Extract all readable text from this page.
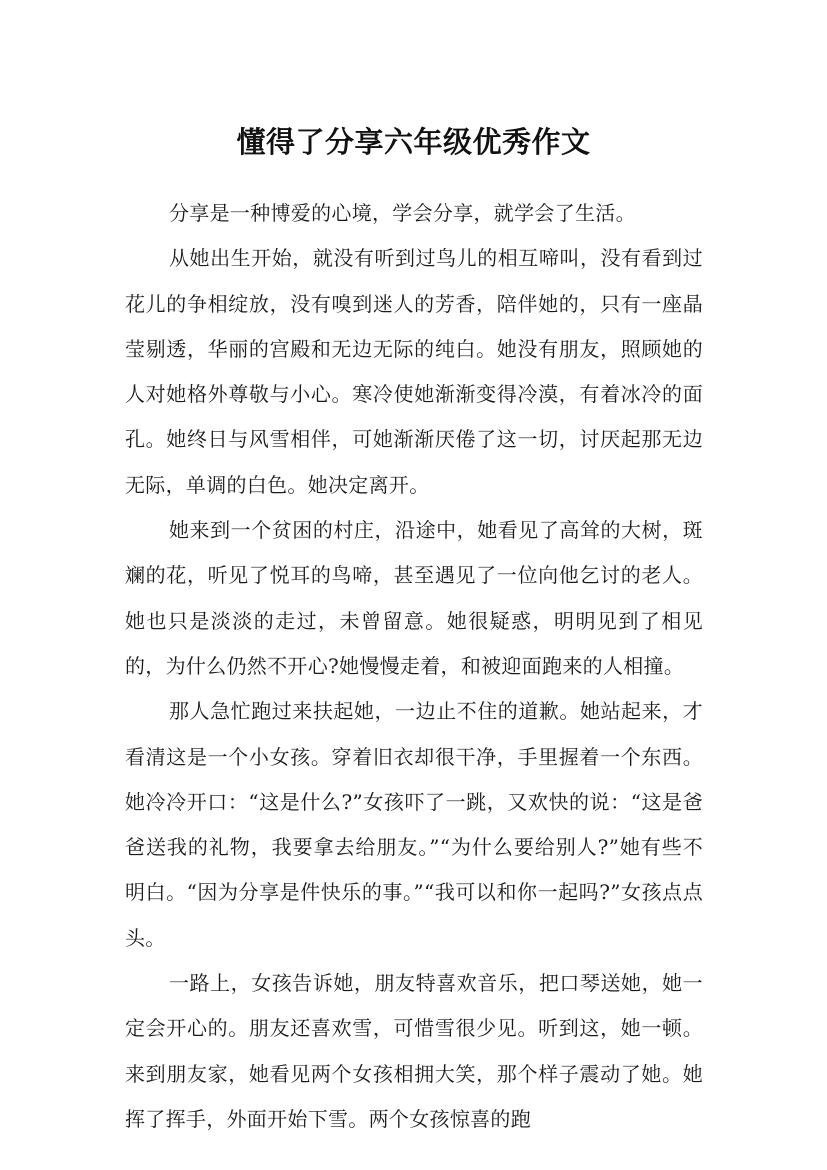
懂得了分享六年级优秀作文

分享是一种博爱的心境，学会分享，就学会了生活。

从她出生开始，就没有听到过鸟儿的相互啼叫，没有看到过花儿的争相绽放，没有嗅到迷人的芳香，陪伴她的，只有一座晶莹剔透，华丽的宫殿和无边无际的纯白。她没有朋友，照顾她的人对她格外尊敬与小心。寒冷使她渐渐变得冷漠，有着冰冷的面孔。她终日与风雪相伴，可她渐渐厌倦了这一切，讨厌起那无边无际，单调的白色。她决定离开。

她来到一个贫困的村庄，沿途中，她看见了高耸的大树，斑斓的花，听见了悦耳的鸟啼，甚至遇见了一位向他乞讨的老人。她也只是淡淡的走过，未曾留意。她很疑惑，明明见到了相见的，为什么仍然不开心?她慢慢走着，和被迎面跑来的人相撞。

那人急忙跑过来扶起她，一边止不住的道歉。她站起来，才看清这是一个小女孩。穿着旧衣却很干净，手里握着一个东西。她冷冷开口：“这是什么?”女孩吓了一跳，又欢快的说：“这是爸爸送我的礼物，我要拿去给朋友。”“为什么要给别人?”她有些不明白。“因为分享是件快乐的事。”“我可以和你一起吗?”女孩点点头。

一路上，女孩告诉她，朋友特喜欢音乐，把口琴送她，她一定会开心的。朋友还喜欢雪，可惜雪很少见。听到这，她一顿。来到朋友家，她看见两个女孩相拥大笑，那个样子震动了她。她挥了挥手，外面开始下雪。两个女孩惊喜的跑
